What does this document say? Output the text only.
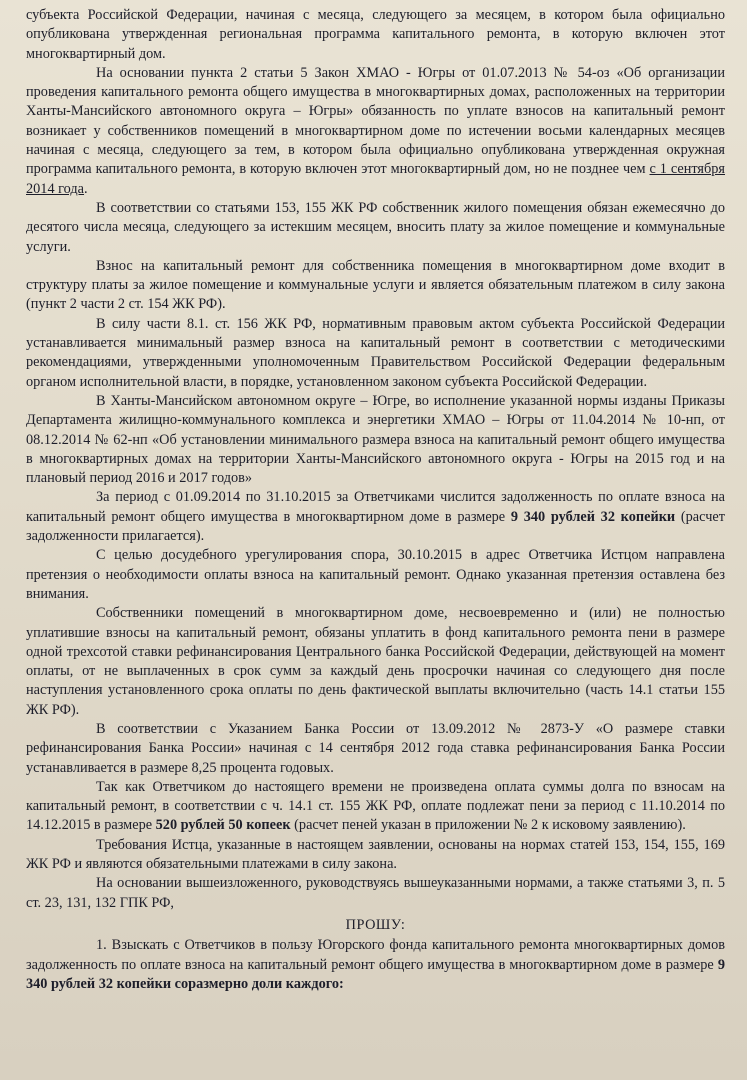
субъекта Российской Федерации, начиная с месяца, следующего за месяцем, в котором была официально опубликована утвержденная региональная программа капитального ремонта, в которую включен этот многоквартирный дом.

На основании пункта 2 статьи 5 Закон ХМАО - Югры от 01.07.2013 № 54-оз «Об организации проведения капитального ремонта общего имущества в многоквартирных домах, расположенных на территории Ханты-Мансийского автономного округа – Югры» обязанность по уплате взносов на капитальный ремонт возникает у собственников помещений в многоквартирном доме по истечении восьми календарных месяцев начиная с месяца, следующего за тем, в котором была официально опубликована утвержденная окружная программа капитального ремонта, в которую включен этот многоквартирный дом, но не позднее чем с 1 сентября 2014 года.

В соответствии со статьями 153, 155 ЖК РФ собственник жилого помещения обязан ежемесячно до десятого числа месяца, следующего за истекшим месяцем, вносить плату за жилое помещение и коммунальные услуги.

Взнос на капитальный ремонт для собственника помещения в многоквартирном доме входит в структуру платы за жилое помещение и коммунальные услуги и является обязательным платежом в силу закона (пункт 2 части 2 ст. 154 ЖК РФ).

В силу части 8.1. ст. 156 ЖК РФ, нормативным правовым актом субъекта Российской Федерации устанавливается минимальный размер взноса на капитальный ремонт в соответствии с методическими рекомендациями, утвержденными уполномоченным Правительством Российской Федерации федеральным органом исполнительной власти, в порядке, установленном законом субъекта Российской Федерации.

В Ханты-Мансийском автономном округе – Югре, во исполнение указанной нормы изданы Приказы Департамента жилищно-коммунального комплекса и энергетики ХМАО – Югры от 11.04.2014 № 10-нп, от 08.12.2014 № 62-нп «Об установлении минимального размера взноса на капитальный ремонт общего имущества в многоквартирных домах на территории Ханты-Мансийского автономного округа - Югры на 2015 год и на плановый период 2016 и 2017 годов»

За период с 01.09.2014 по 31.10.2015 за Ответчиками числится задолженность по оплате взноса на капитальный ремонт общего имущества в многоквартирном доме в размере 9 340 рублей 32 копейки (расчет задолженности прилагается).

С целью досудебного урегулирования спора, 30.10.2015 в адрес Ответчика Истцом направлена претензия о необходимости оплаты взноса на капитальный ремонт. Однако указанная претензия оставлена без внимания.

Собственники помещений в многоквартирном доме, несвоевременно и (или) не полностью уплатившие взносы на капитальный ремонт, обязаны уплатить в фонд капитального ремонта пени в размере одной трехсотой ставки рефинансирования Центрального банка Российской Федерации, действующей на момент оплаты, от не выплаченных в срок сумм за каждый день просрочки начиная со следующего дня после наступления установленного срока оплаты по день фактической выплаты включительно (часть 14.1 статьи 155 ЖК РФ).

В соответствии с Указанием Банка России от 13.09.2012 № 2873-У «О размере ставки рефинансирования Банка России» начиная с 14 сентября 2012 года ставка рефинансирования Банка России устанавливается в размере 8,25 процента годовых.

Так как Ответчиком до настоящего времени не произведена оплата суммы долга по взносам на капитальный ремонт, в соответствии с ч. 14.1 ст. 155 ЖК РФ, оплате подлежат пени за период с 11.10.2014 по 14.12.2015 в размере 520 рублей 50 копеек (расчет пеней указан в приложении № 2 к исковому заявлению).

Требования Истца, указанные в настоящем заявлении, основаны на нормах статей 153, 154, 155, 169 ЖК РФ и являются обязательными платежами в силу закона.

На основании вышеизложенного, руководствуясь вышеуказанными нормами, а также статьями 3, п. 5 ст. 23, 131, 132 ГПК РФ,

ПРОШУ:

1. Взыскать с Ответчиков в пользу Югорского фонда капитального ремонта многоквартирных домов задолженность по оплате взноса на капитальный ремонт общего имущества в многоквартирном доме в размере 9 340 рублей 32 копейки соразмерно доли каждого:
